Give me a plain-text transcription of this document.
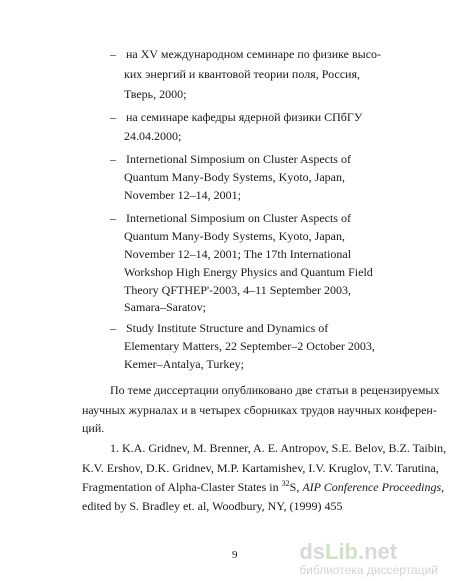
– на XV международном семинаре по физике высо-
ких энергий и квантовой теории поля, Россия,
Тверь, 2000;
– на семинаре кафедры ядерной физики СПбГУ
24.04.2000;
– Internetional Simposium on Cluster Aspects of
Quantum Many-Body Systems, Kyoto, Japan,
November 12–14, 2001;
– Internetional Simposium on Cluster Aspects of
Quantum Many-Body Systems, Kyoto, Japan,
November 12–14, 2001; The 17th International
Workshop High Energy Physics and Quantum Field
Theory QFTHEP'-2003, 4–11 September 2003,
Samara–Saratov;
– Study Institute Structure and Dynamics of
Elementary Matters, 22 September–2 October 2003,
Kemer–Antalya, Turkey;
По теме диссертации опубликовано две статьи в рецензируемых
научных журналах и в четырех сборниках трудов научных конферен-
ций.
1. K.A. Gridnev, M. Brenner, A. E. Antropov, S.E. Belov, B.Z. Taibin,
K.V. Ershov, D.K. Gridnev, M.P. Kartamishev, I.V. Kruglov, T.V. Tarutina,
Fragmentation of Alpha-Claster States in $^{32}$S, AIP Conference Proceedings,
edited by S. Bradley et. al, Woodbury, NY, (1999) 455
9	dsLib.net
библиотека диссертаций
